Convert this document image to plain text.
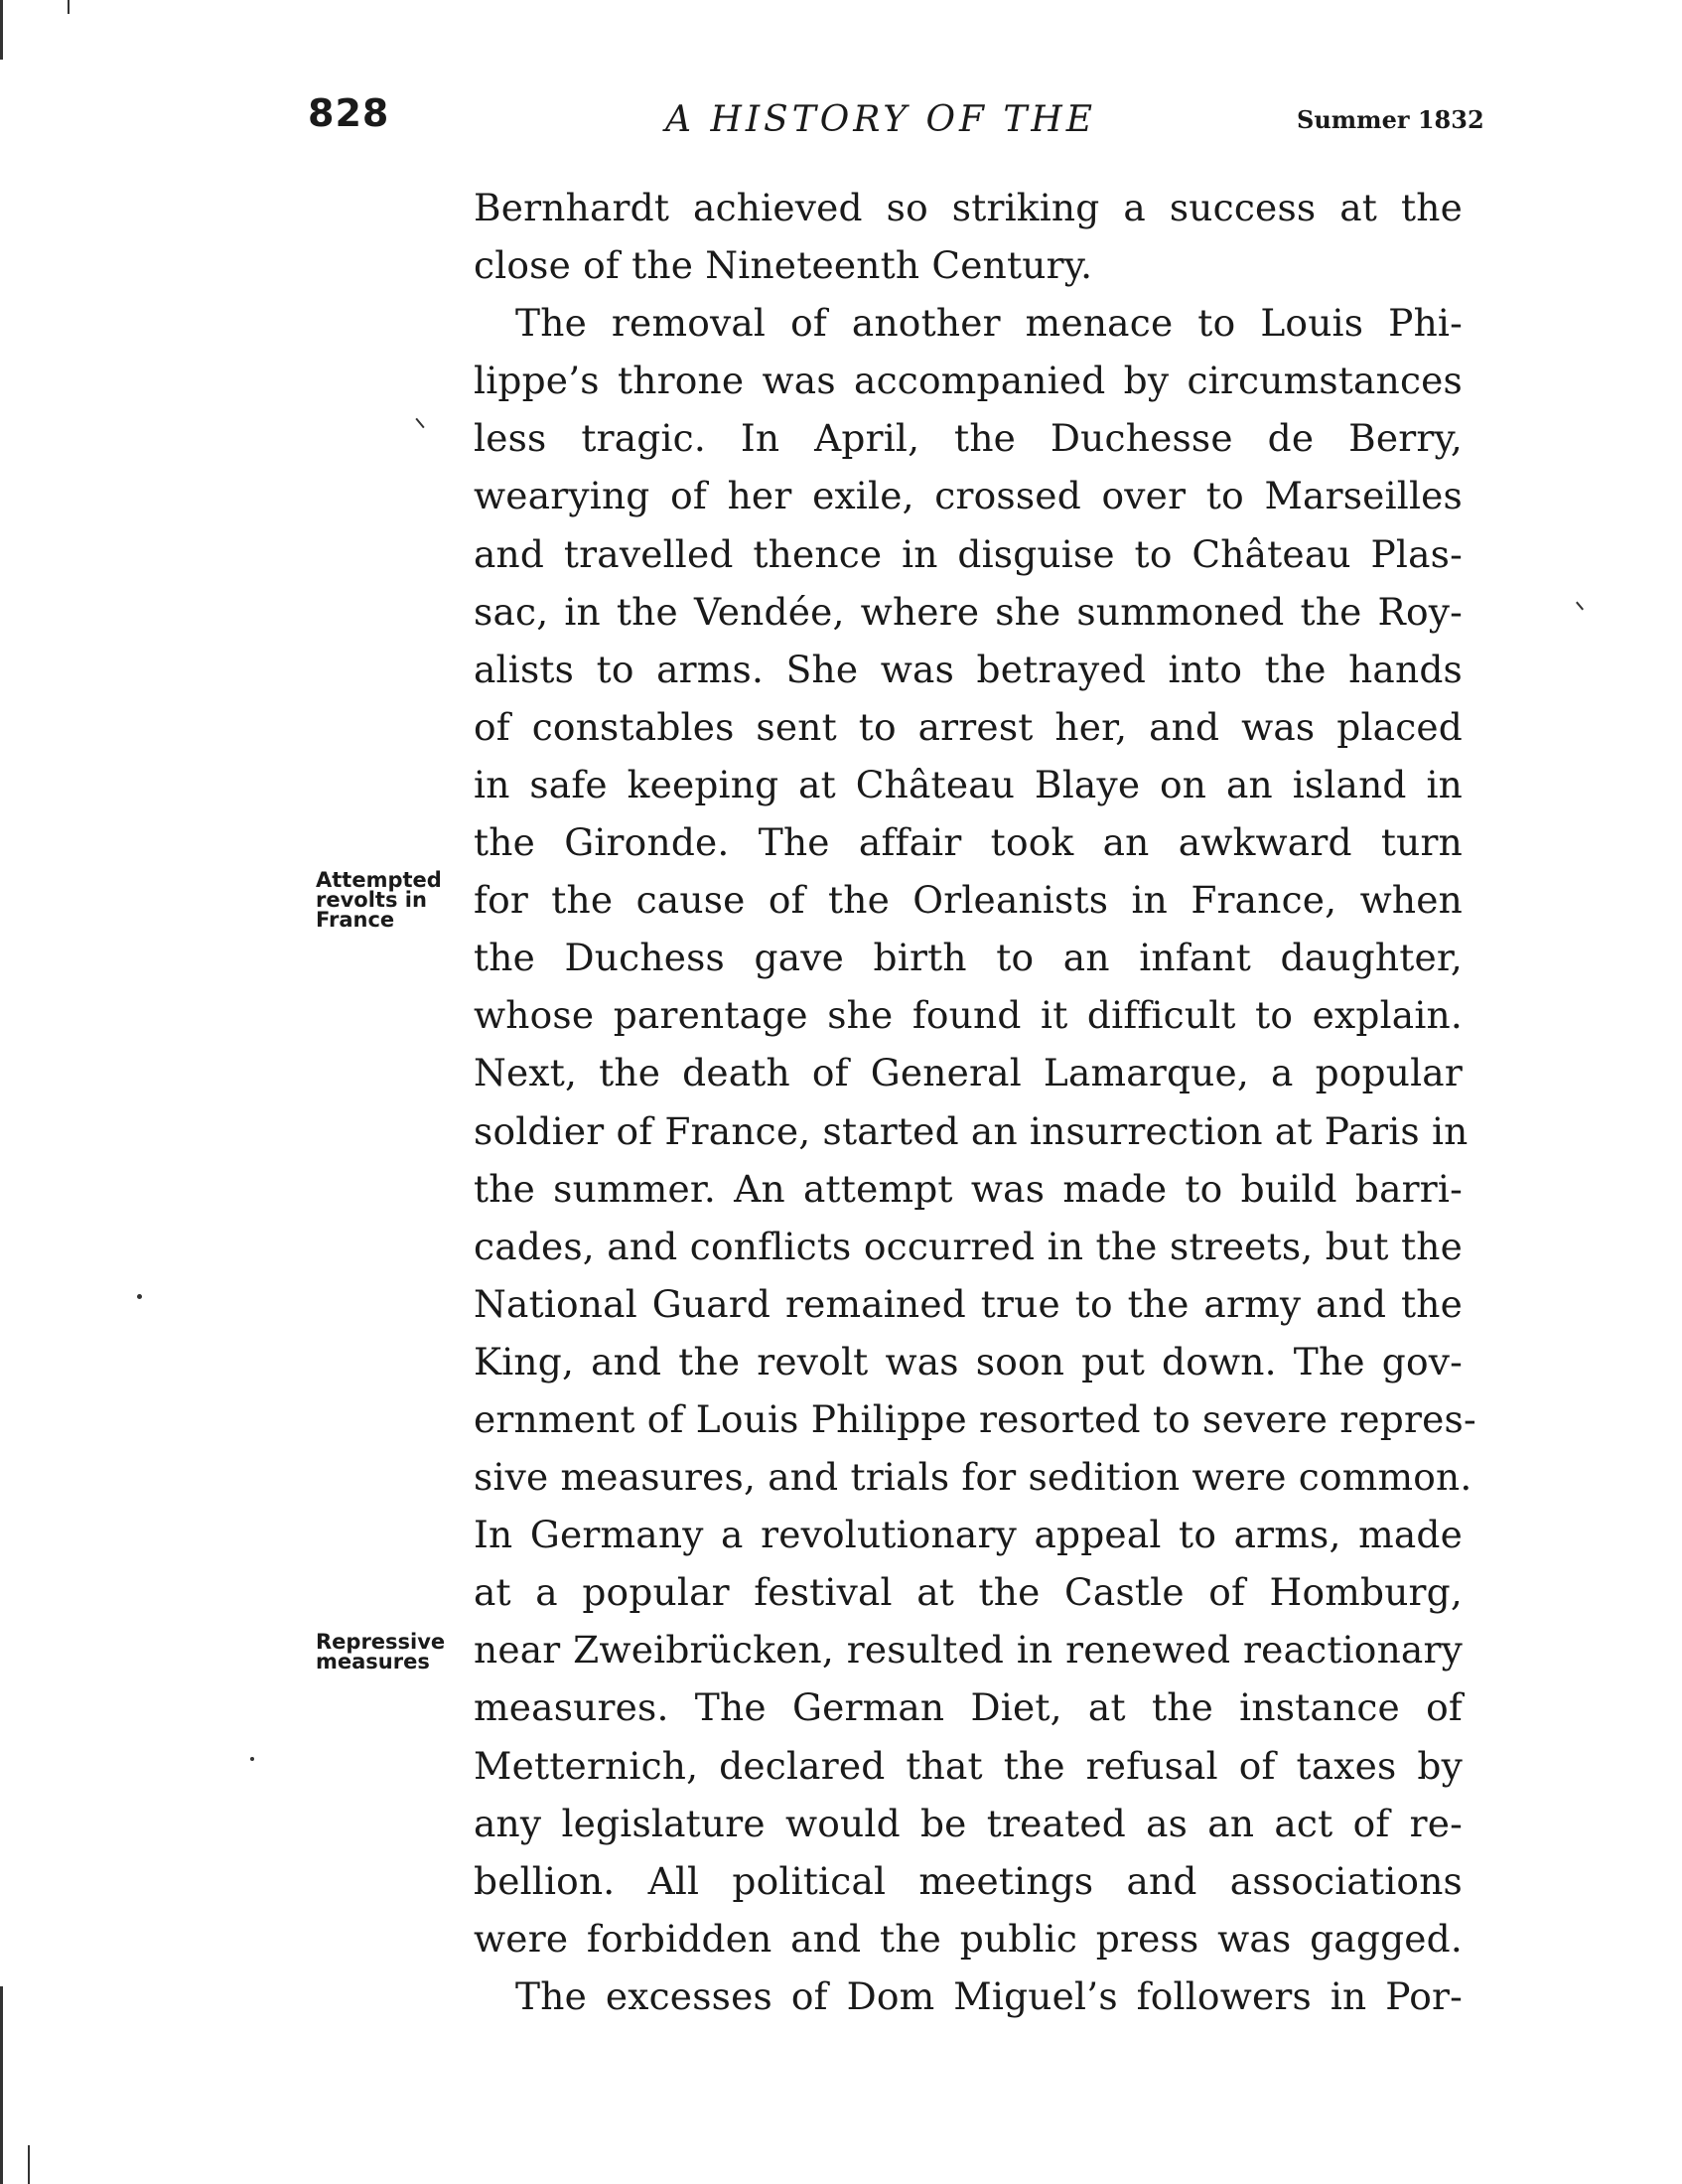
828	A HISTORY OF THE	Summer 1832
Bernhardt achieved so striking a success at the
close of the Nineteenth Century.
The removal of another menace to Louis Phi-
lippe’s throne was accompanied by circumstances
less tragic. In April, the Duchesse de Berry,
wearying of her exile, crossed over to Marseilles
and travelled thence in disguise to Château Plas-
sac, in the Vendée, where she summoned the Roy-
alists to arms. She was betrayed into the hands
of constables sent to arrest her, and was placed
in safe keeping at Château Blaye on an island in
the Gironde. The affair took an awkward turn
for the cause of the Orleanists in France, when
the Duchess gave birth to an infant daughter,
whose parentage she found it difficult to explain.
Next, the death of General Lamarque, a popular
soldier of France, started an insurrection at Paris in
the summer. An attempt was made to build barri-
cades, and conflicts occurred in the streets, but the
National Guard remained true to the army and the
King, and the revolt was soon put down. The gov-
ernment of Louis Philippe resorted to severe repres-
sive measures, and trials for sedition were common.
In Germany a revolutionary appeal to arms, made
at a popular festival at the Castle of Homburg,
near Zweibrücken, resulted in renewed reactionary
measures. The German Diet, at the instance of
Metternich, declared that the refusal of taxes by
any legislature would be treated as an act of re-
bellion. All political meetings and associations
were forbidden and the public press was gagged.
The excesses of Dom Miguel’s followers in Por-
Attempted
revolts in
France
Repressive
measures
